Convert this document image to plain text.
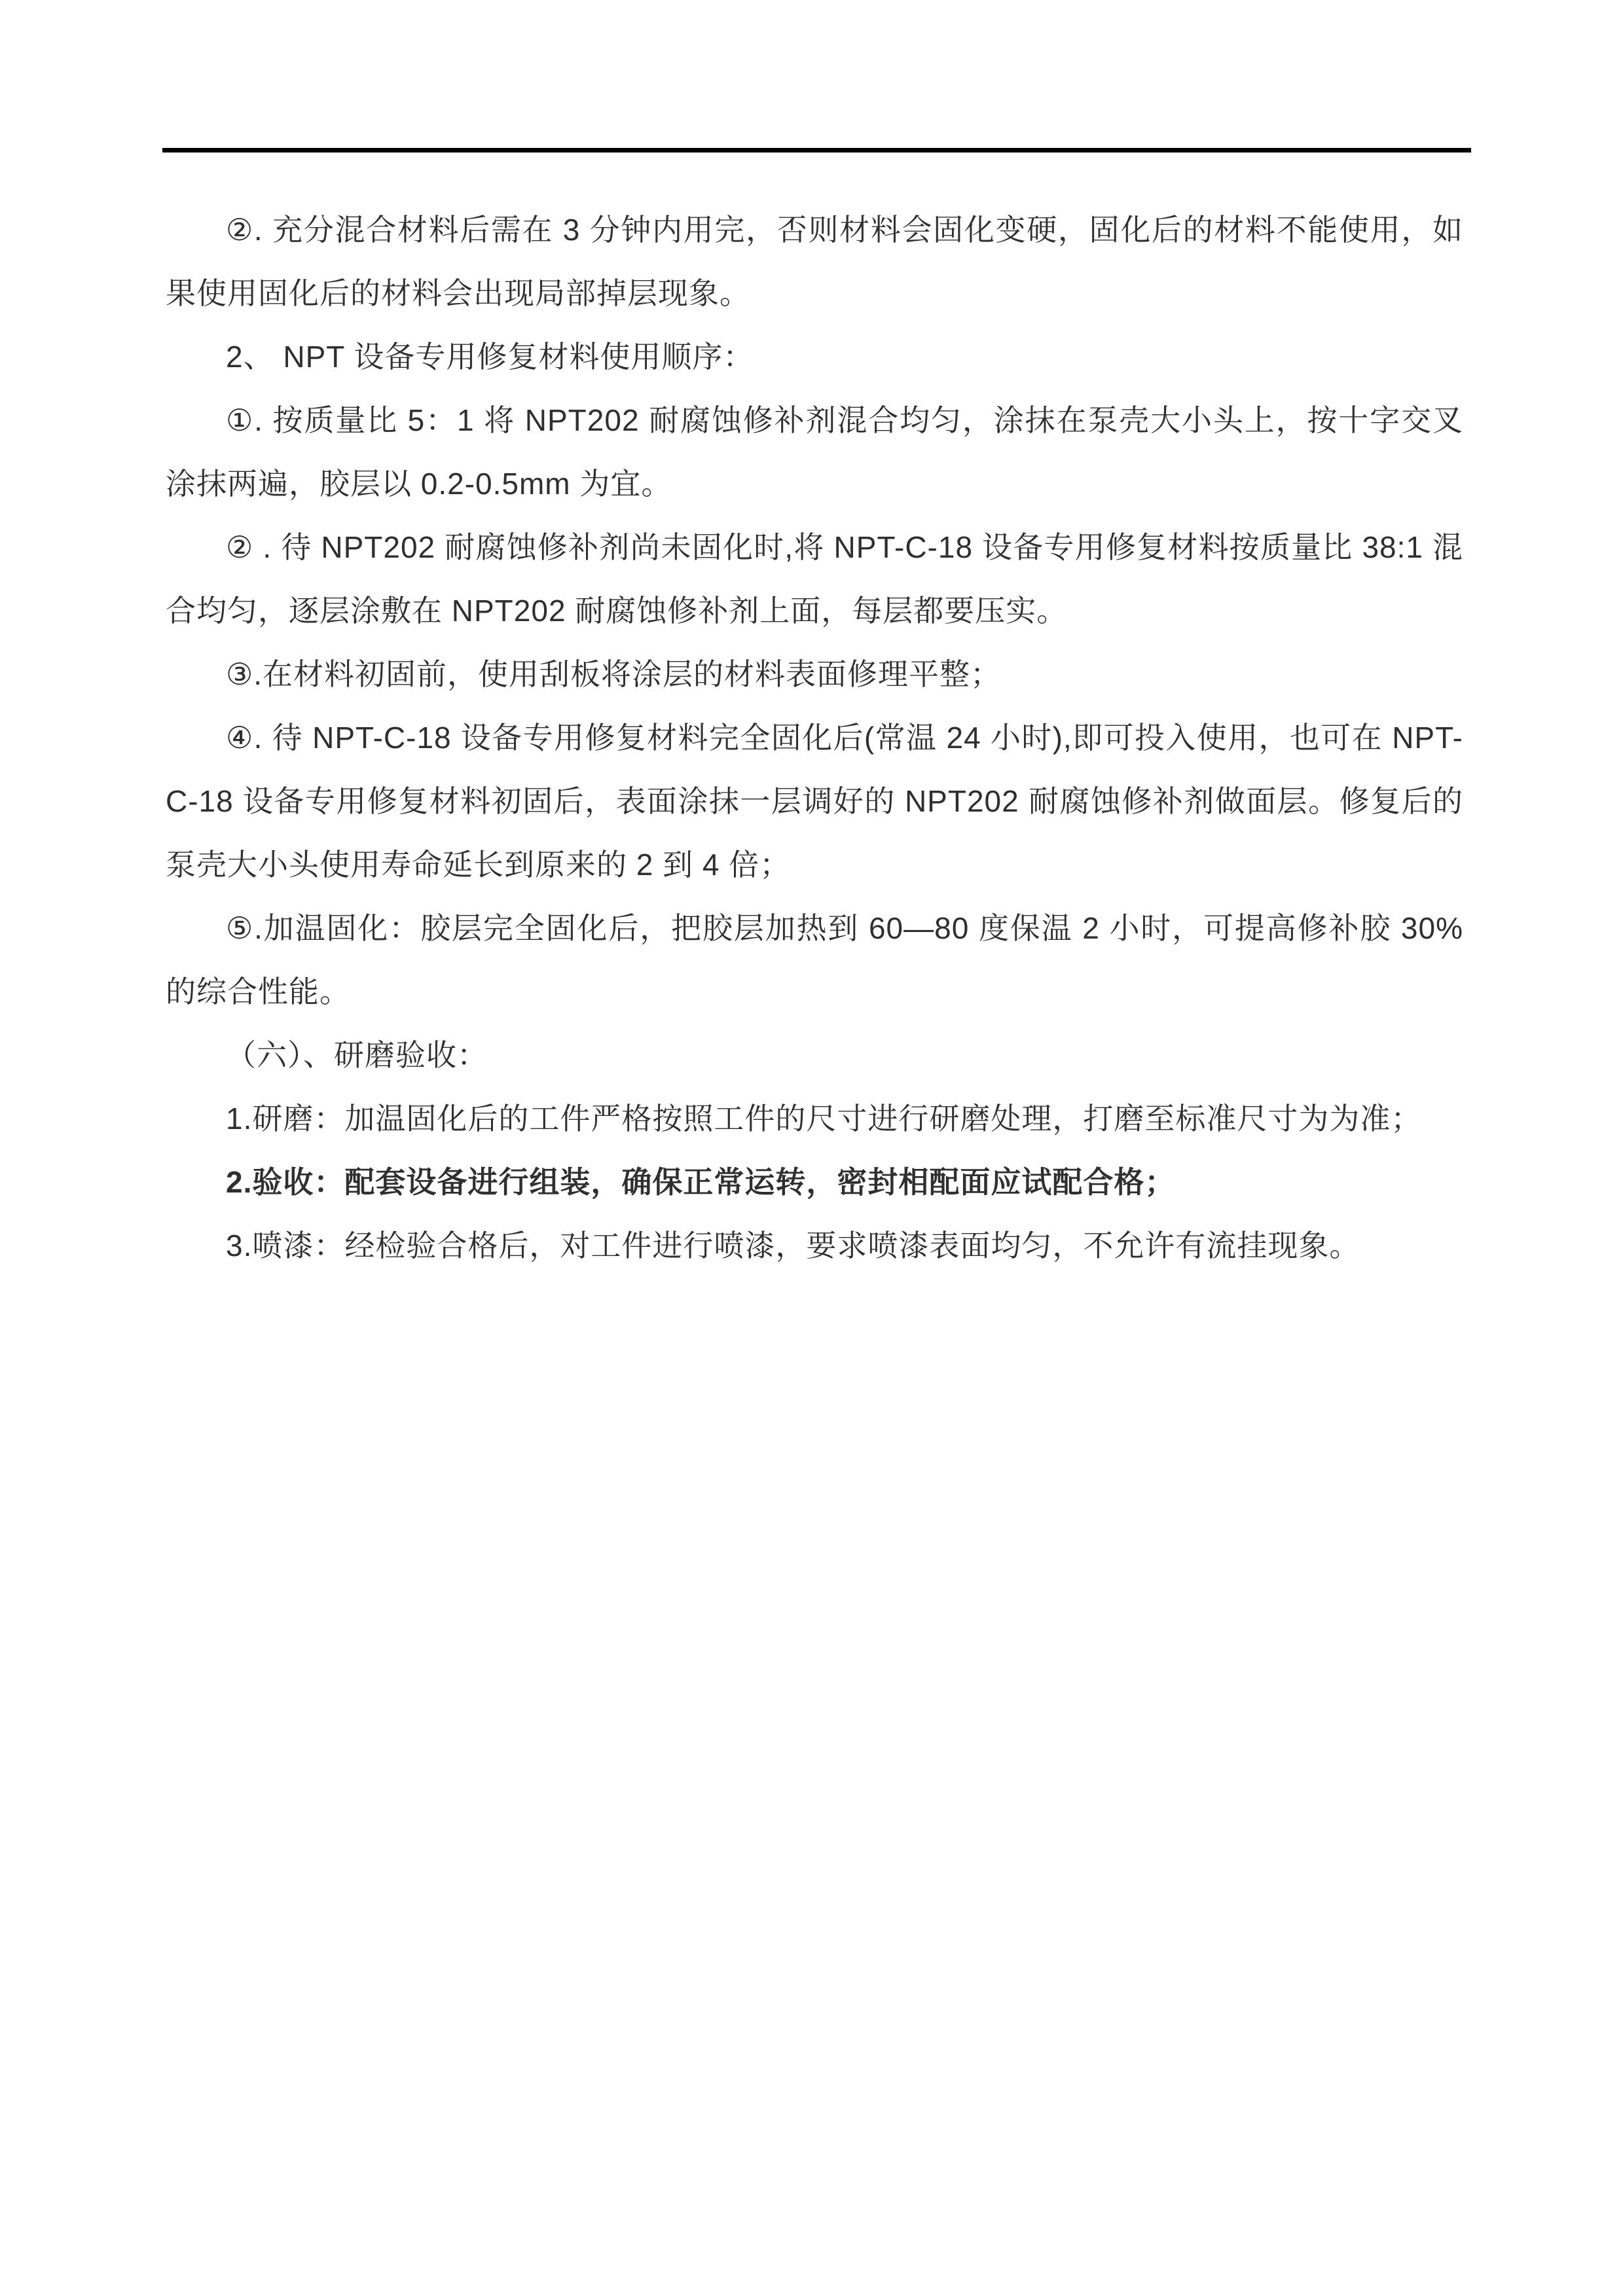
②. 充分混合材料后需在 3 分钟内用完，否则材料会固化变硬，固化后的材料不能使用，如果使用固化后的材料会出现局部掉层现象。

2、 NPT 设备专用修复材料使用顺序：

①. 按质量比 5：1 将 NPT202 耐腐蚀修补剂混合均匀，涂抹在泵壳大小头上，按十字交叉涂抹两遍，胶层以 0.2-0.5mm 为宜。

② . 待 NPT202 耐腐蚀修补剂尚未固化时,将 NPT-C-18 设备专用修复材料按质量比 38:1 混合均匀，逐层涂敷在 NPT202 耐腐蚀修补剂上面，每层都要压实。

③.在材料初固前，使用刮板将涂层的材料表面修理平整；

④. 待 NPT-C-18 设备专用修复材料完全固化后(常温 24 小时),即可投入使用，也可在 NPT-C-18 设备专用修复材料初固后，表面涂抹一层调好的 NPT202 耐腐蚀修补剂做面层。修复后的泵壳大小头使用寿命延长到原来的 2 到 4 倍；

⑤.加温固化：胶层完全固化后，把胶层加热到 60—80 度保温 2 小时，可提高修补胶 30%的综合性能。

（六）、研磨验收：

1.研磨：加温固化后的工件严格按照工件的尺寸进行研磨处理，打磨至标准尺寸为为准；

2.验收：配套设备进行组装，确保正常运转，密封相配面应试配合格；

3.喷漆：经检验合格后，对工件进行喷漆，要求喷漆表面均匀，不允许有流挂现象。
